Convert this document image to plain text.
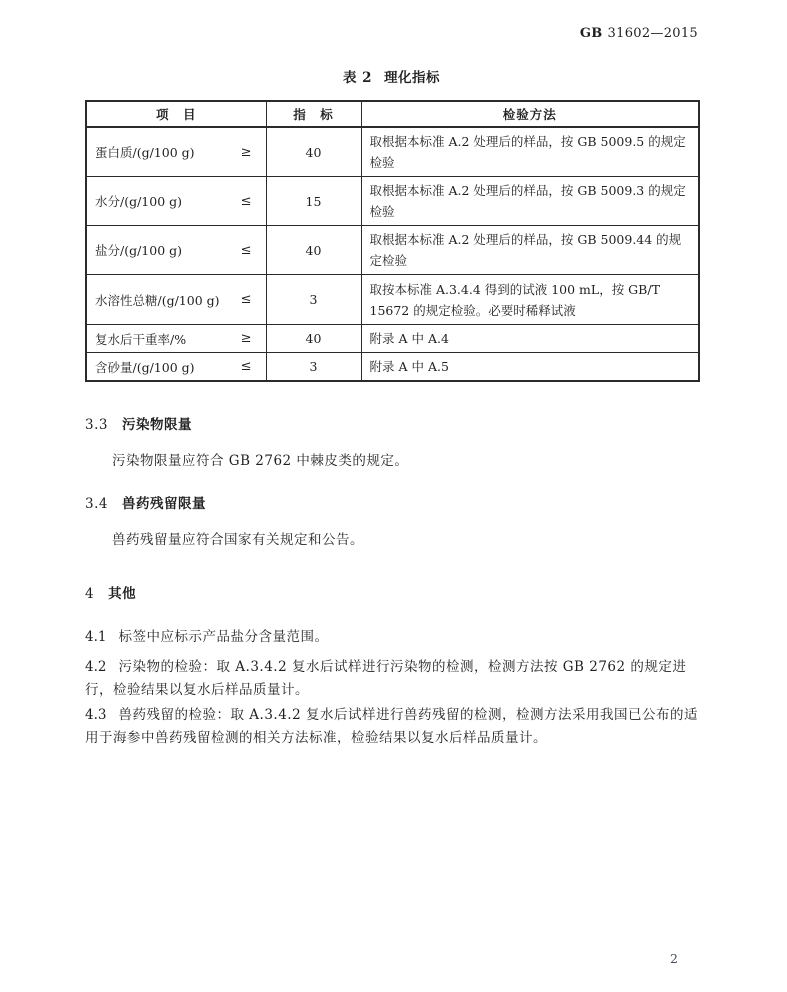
GB 31602—2015
表 2 理化指标
项　目	指　标	检验方法

蛋白质/(g/100 g) ≥	40	取根据本标准 A.2 处理后的样品，按 GB 5009.5 的规定检验

水分/(g/100 g) ≤	15	取根据本标准 A.2 处理后的样品，按 GB 5009.3 的规定检验

盐分/(g/100 g) ≤	40	取根据本标准 A.2 处理后的样品，按 GB 5009.44 的规定检验

水溶性总糖/(g/100 g) ≤	3	取按本标准 A.3.4.4 得到的试液 100 mL，按 GB/T 15672 的规定检验。必要时稀释试液

复水后干重率/% ≥	40	附录 A 中 A.4

含砂量/(g/100 g) ≤	3	附录 A 中 A.5
3.3 污染物限量
污染物限量应符合 GB 2762 中棘皮类的规定。
3.4 兽药残留限量
兽药残留量应符合国家有关规定和公告。
4 其他
4.1 标签中应标示产品盐分含量范围。
4.2 污染物的检验：取 A.3.4.2 复水后试样进行污染物的检测，检测方法按 GB 2762 的规定进行，检验结果以复水后样品质量计。
4.3 兽药残留的检验：取 A.3.4.2 复水后试样进行兽药残留的检测，检测方法采用我国已公布的适用于海参中兽药残留检测的相关方法标准，检验结果以复水后样品质量计。
2
